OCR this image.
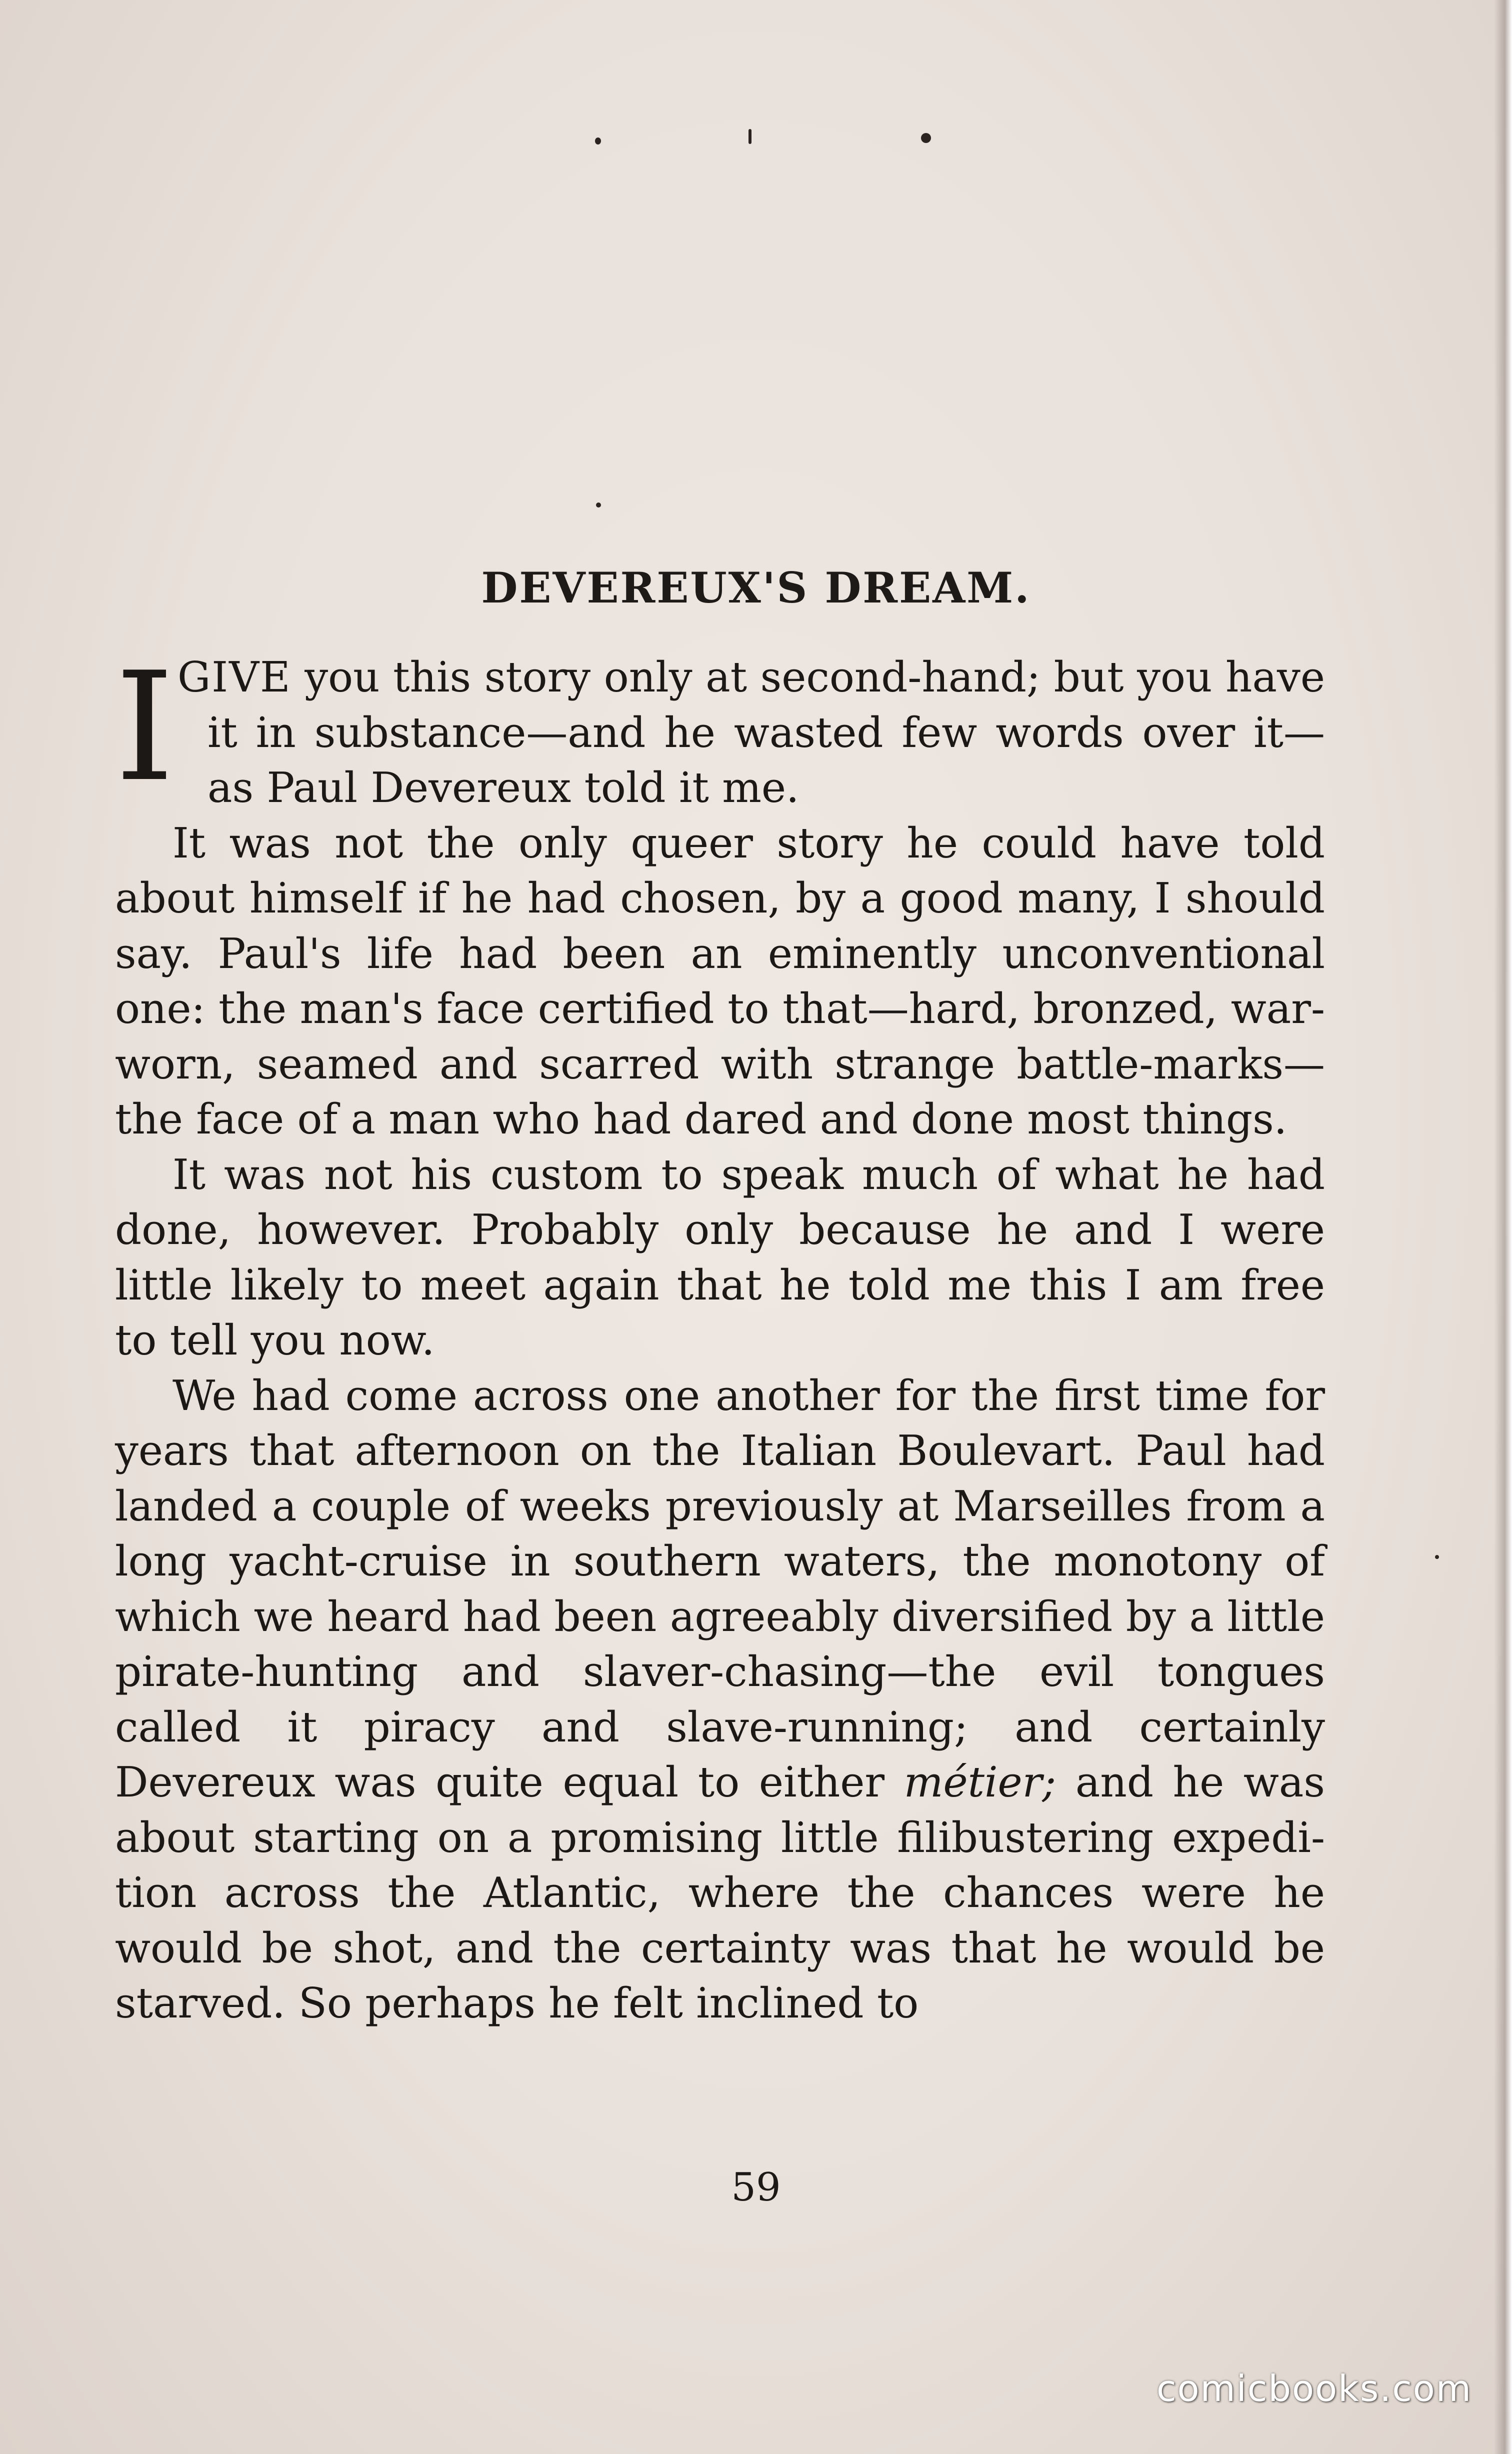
DEVEREUX'S DREAM.

I GIVE you this story only at second-hand; but you have it in substance—and he wasted few words over it—as Paul Devereux told it me.

It was not the only queer story he could have told about himself if he had chosen, by a good many, I should say. Paul's life had been an eminently unconventional one: the man's face certified to that—hard, bronzed, war-worn, seamed and scarred with strange battle-marks—the face of a man who had dared and done most things.

It was not his custom to speak much of what he had done, however. Probably only because he and I were little likely to meet again that he told me this I am free to tell you now.

We had come across one another for the first time for years that afternoon on the Italian Boulevart. Paul had landed a couple of weeks previously at Marseilles from a long yacht-cruise in southern waters, the monotony of which we heard had been agreeably diversified by a little pirate-hunting and slaver-chasing—the evil tongues called it piracy and slave-running; and certainly Devereux was quite equal to either métier; and he was about starting on a promising little filibustering expedition across the Atlantic, where the chances were he would be shot, and the certainty was that he would be starved. So perhaps he felt inclined to

59
comicbooks.com
